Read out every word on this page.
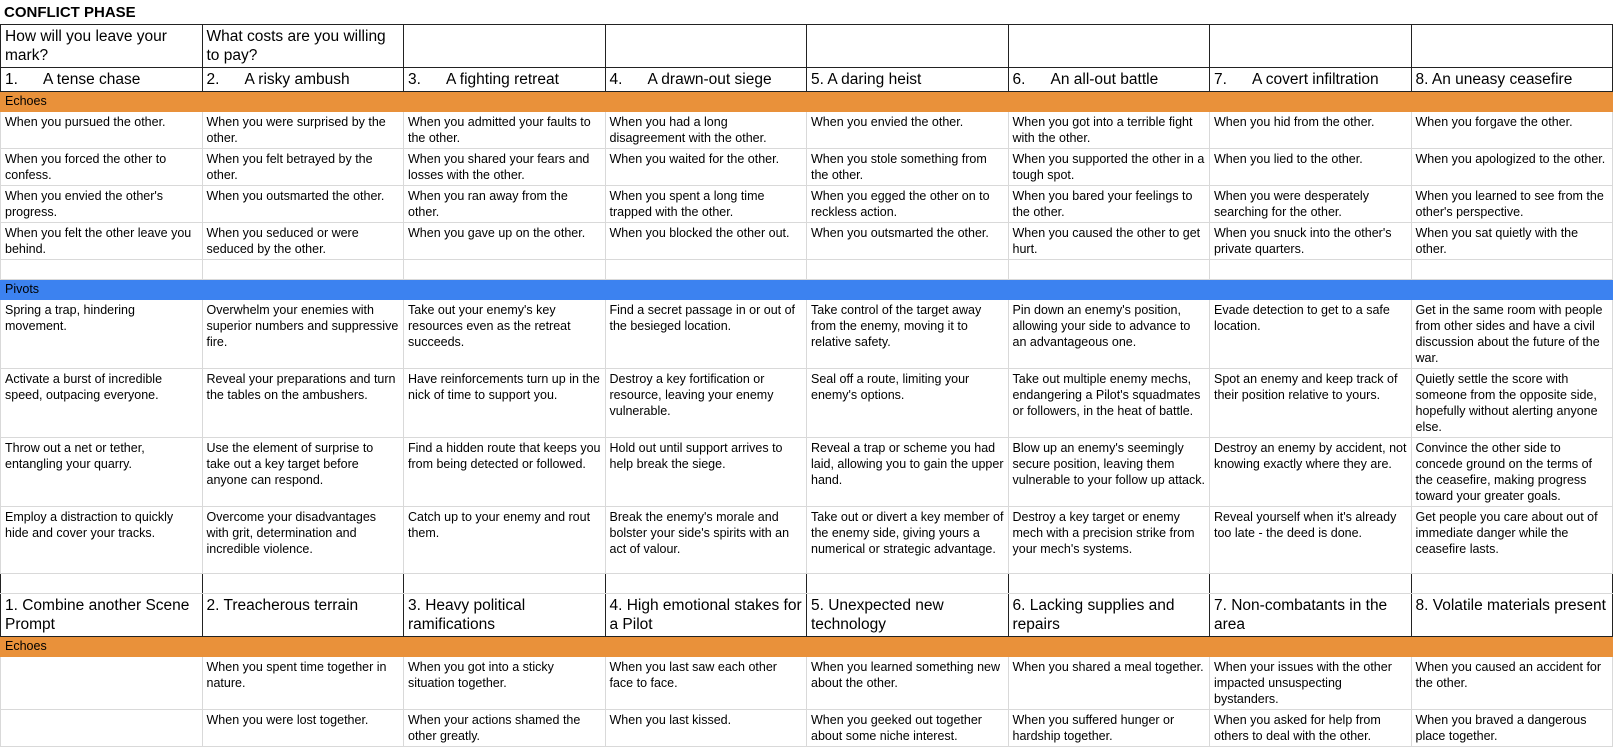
CONFLICT PHASE
How will you leave your mark?	What costs are you willing to pay?						
1. A tense chase	2. A risky ambush	3. A fighting retreat	4. A drawn-out siege	5. A daring heist	6. An all-out battle	7. A covert infiltration	8. An uneasy ceasefire
Echoes							
When you pursued the other.	When you were surprised by the other.	When you admitted your faults to the other.	When you had a long disagreement with the other.	When you envied the other.	When you got into a terrible fight with the other.	When you hid from the other.	When you forgave the other.
When you forced the other to confess.	When you felt betrayed by the other.	When you shared your fears and losses with the other.	When you waited for the other.	When you stole something from the other.	When you supported the other in a tough spot.	When you lied to the other.	When you apologized to the other.
When you envied the other's progress.	When you outsmarted the other.	When you ran away from the other.	When you spent a long time trapped with the other.	When you egged the other on to reckless action.	When you bared your feelings to the other.	When you were desperately searching for the other.	When you learned to see from the other's perspective.
When you felt the other leave you behind.	When you seduced or were seduced by the other.	When you gave up on the other.	When you blocked the other out.	When you outsmarted the other.	When you caused the other to get hurt.	When you snuck into the other's private quarters.	When you sat quietly with the other.

Pivots							
Spring a trap, hindering movement.	Overwhelm your enemies with superior numbers and suppressive fire.	Take out your enemy's key resources even as the retreat succeeds.	Find a secret passage in or out of the besieged location.	Take control of the target away from the enemy, moving it to relative safety.	Pin down an enemy's position, allowing your side to advance to an advantageous one.	Evade detection to get to a safe location.	Get in the same room with people from other sides and have a civil discussion about the future of the war.
Activate a burst of incredible speed, outpacing everyone.	Reveal your preparations and turn the tables on the ambushers.	Have reinforcements turn up in the nick of time to support you.	Destroy a key fortification or resource, leaving your enemy vulnerable.	Seal off a route, limiting your enemy's options.	Take out multiple enemy mechs, endangering a Pilot's squadmates or followers, in the heat of battle.	Spot an enemy and keep track of their position relative to yours.	Quietly settle the score with someone from the opposite side, hopefully without alerting anyone else.
Throw out a net or tether, entangling your quarry.	Use the element of surprise to take out a key target before anyone can respond.	Find a hidden route that keeps you from being detected or followed.	Hold out until support arrives to help break the siege.	Reveal a trap or scheme you had laid, allowing you to gain the upper hand.	Blow up an enemy's seemingly secure position, leaving them vulnerable to your follow up attack.	Destroy an enemy by accident, not knowing exactly where they are.	Convince the other side to concede ground on the terms of the ceasefire, making progress toward your greater goals.
Employ a distraction to quickly hide and cover your tracks.	Overcome your disadvantages with grit, determination and incredible violence.	Catch up to your enemy and rout them.	Break the enemy's morale and bolster your side's spirits with an act of valour.	Take out or divert a key member of the enemy side, giving yours a numerical or strategic advantage.	Destroy a key target or enemy mech with a precision strike from your mech's systems.	Reveal yourself when it's already too late - the deed is done.	Get people you care about out of immediate danger while the ceasefire lasts.

1. Combine another Scene Prompt	2. Treacherous terrain	3. Heavy political ramifications	4. High emotional stakes for a Pilot	5. Unexpected new technology	6. Lacking supplies and repairs	7. Non-combatants in the area	8. Volatile materials present
Echoes							
	When you spent time together in nature.	When you got into a sticky situation together.	When you last saw each other face to face.	When you learned something new about the other.	When you shared a meal together.	When your issues with the other impacted unsuspecting bystanders.	When you caused an accident for the other.
	When you were lost together.	When your actions shamed the other greatly.	When you last kissed.	When you geeked out together about some niche interest.	When you suffered hunger or hardship together.	When you asked for help from others to deal with the other.	When you braved a dangerous place together.
